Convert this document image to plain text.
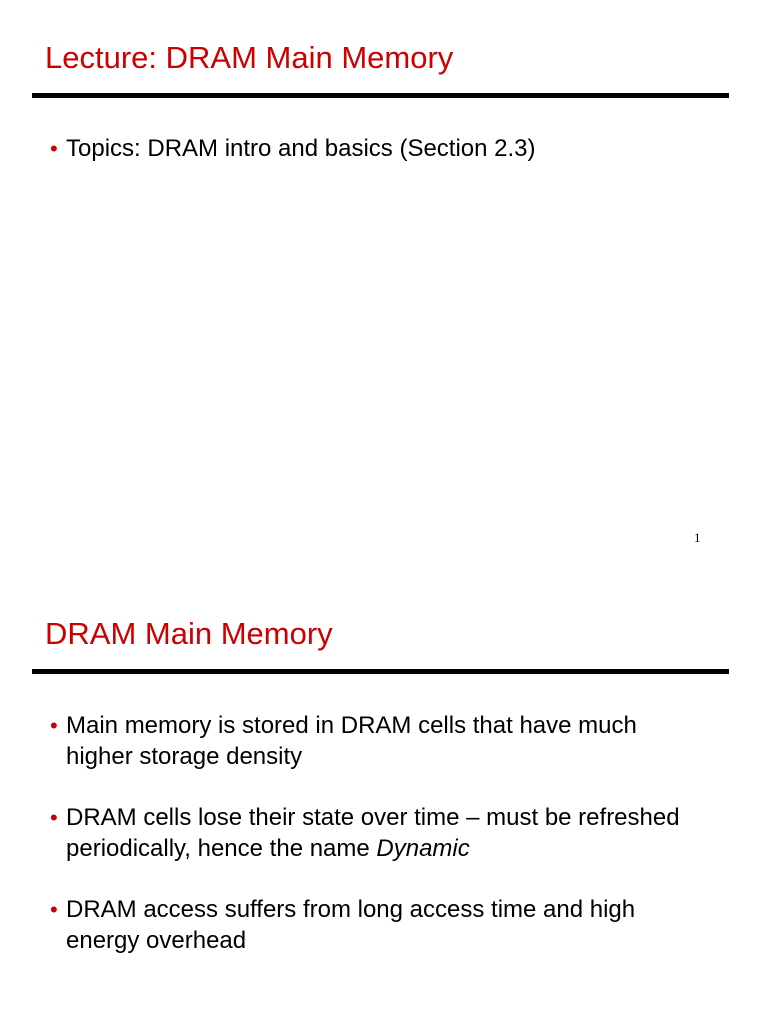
Lecture: DRAM Main Memory
• Topics: DRAM intro and basics (Section 2.3)
1
DRAM Main Memory
• Main memory is stored in DRAM cells that have much
higher storage density
• DRAM cells lose their state over time – must be refreshed
periodically, hence the name Dynamic
• DRAM access suffers from long access time and high
energy overhead
